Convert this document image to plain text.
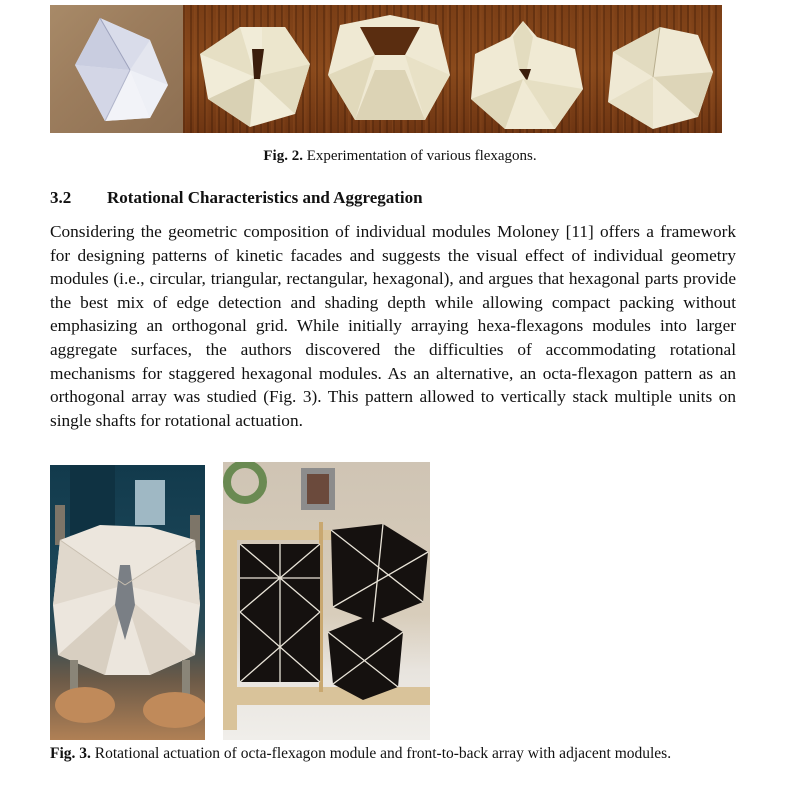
Fig. 2. Experimentation of various flexagons.
3.2 Rotational Characteristics and Aggregation

Considering the geometric composition of individual modules Moloney [11] offers a framework for designing patterns of kinetic facades and suggests the visual effect of individual geometry modules (i.e., circular, triangular, rectangular, hexagonal), and argues that hexagonal parts provide the best mix of edge detection and shading depth while allowing compact packing without emphasizing an orthogonal grid. While initially arraying hexa-flexagons modules into larger aggregate surfaces, the authors discovered the difficulties of accommodating rotational mechanisms for staggered hexagonal modules. As an alternative, an octa-flexagon pattern as an orthogonal array was studied (Fig. 3). This pattern allowed to vertically stack multiple units on single shafts for rotational actuation.

Fig. 3. Rotational actuation of octa-flexagon module and front-to-back array with adjacent modules.
